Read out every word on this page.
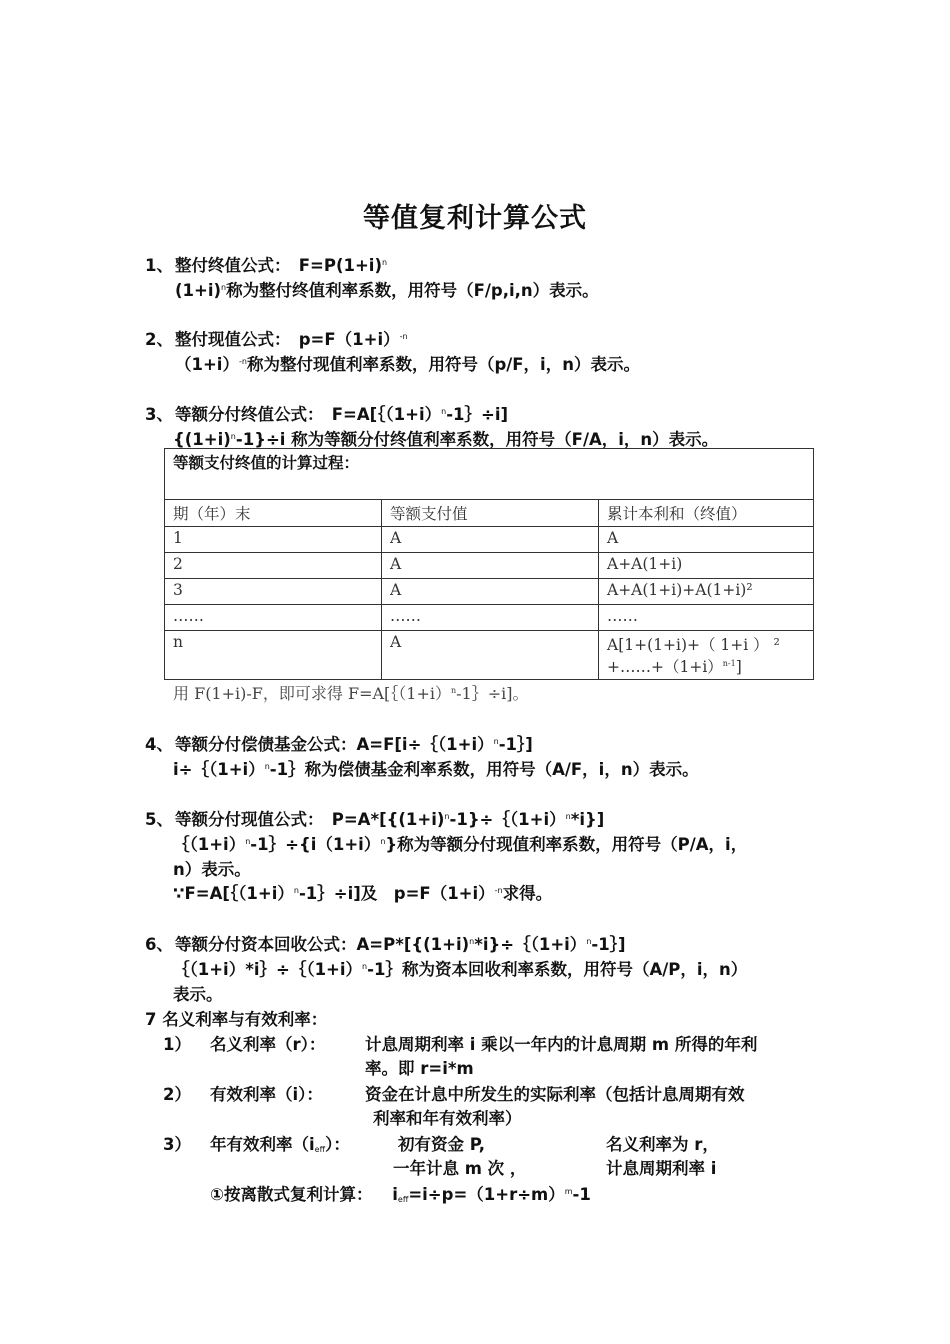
等值复利计算公式
1、 整付终值公式：　$F=P(1+i)^n$
$(1+i)^n$称为整付终值利率系数，用符号（F/p,i,n）表示。
2、 整付现值公式：　$p=F(1+i)^{-n}$
$(1+i)^{-n}$称为整付现值利率系数，用符号（p/F，i，n）表示。
3、 等额分付终值公式：　$F=A[\{(1+i)^n-1\}\div i]$
$\{(1+i)^n-1\}\div i$ 称为等额分付终值利率系数，用符号（F/A，i，n）表示。
等额支付终值的计算过程：		
期（年）末	等额支付值	累计本利和（终值）
1	A	A
2	A	A+A(1+i)
3	A	A+A(1+i)+A(1+i)²
……	……	……
n	A	A[1+(1+i)+（ 1+i ） ²
$+\dots\dots+(1+i)^{n-1}$]
用 F(1+i)-F，即可求得 $F=A[\{(1+i)^n-1\}\div i]$。
4、 等额分付偿债基金公式：$A=F[i\div\{(1+i)^n-1\}]$
$i\div\{(1+i)^n-1\}$称为偿债基金利率系数，用符号（A/F，i，n）表示。
5、 等额分付现值公式：　$P=A*[\{(1+i)^n-1\}\div\{(1+i)^n*i\}$]
$\{(1+i)^n-1\}\div\{i(1+i)^n\}$称为等额分付现值利率系数，用符号（P/A，i，
n）表示。
$\because F=A[\{(1+i)^n-1\}\div i]$及　$p=F(1+i)^{-n}$求得。
6、 等额分付资本回收公式：$A=P*[\{(1+i)^n*i\}\div\{(1+i)^n-1\}]$
$\{(1+i)*i\}\div\{(1+i)^n-1\}$称为资本回收利率系数，用符号（A/P，i，n）
表示。
7 名义利率与有效利率：
1） 名义利率（r）： 计息周期利率 i 乘以一年内的计息周期 m 所得的年利
率。即 r=i*m
2） 有效利率（i）：	资金在计息中所发生的实际利率（包括计息周期有效
利率和年有效利率）
3） 年有效利率$(i_{eff})$：	初有资金 P,	名义利率为 r，
一年计息 m 次 ，	计息周期利率 i
①按离散式复利计算： $i_{eff}=i\div p=(1+r\div m)^m-1$
